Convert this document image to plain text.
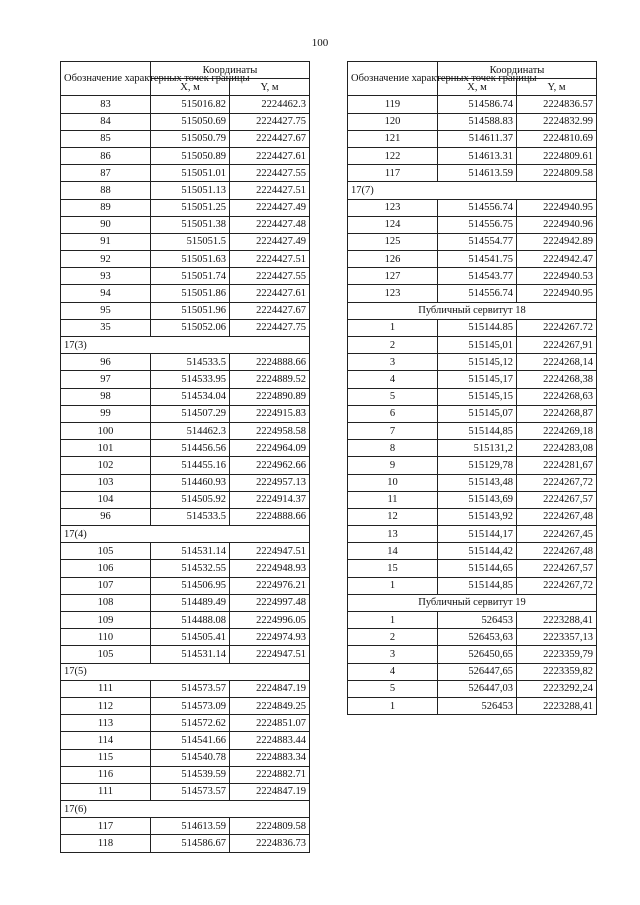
100
Обозначение характерных точек границы	Координаты	
	X, м	Y, м
83	515016.82	2224462.3
84	515050.69	2224427.75
85	515050.79	2224427.67
86	515050.89	2224427.61
87	515051.01	2224427.55
88	515051.13	2224427.51
89	515051.25	2224427.49
90	515051.38	2224427.48
91	515051.5	2224427.49
92	515051.63	2224427.51
93	515051.74	2224427.55
94	515051.86	2224427.61
95	515051.96	2224427.67
35	515052.06	2224427.75
17(3)		
96	514533.5	2224888.66
97	514533.95	2224889.52
98	514534.04	2224890.89
99	514507.29	2224915.83
100	514462.3	2224958.58
101	514456.56	2224964.09
102	514455.16	2224962.66
103	514460.93	2224957.13
104	514505.92	2224914.37
96	514533.5	2224888.66
17(4)		
105	514531.14	2224947.51
106	514532.55	2224948.93
107	514506.95	2224976.21
108	514489.49	2224997.48
109	514488.08	2224996.05
110	514505.41	2224974.93
105	514531.14	2224947.51
17(5)		
111	514573.57	2224847.19
112	514573.09	2224849.25
113	514572.62	2224851.07
114	514541.66	2224883.44
115	514540.78	2224883.34
116	514539.59	2224882.71
111	514573.57	2224847.19
17(6)		
117	514613.59	2224809.58
118	514586.67	2224836.73
Обозначение характерных точек границы	Координаты	
	X, м	Y, м
119	514586.74	2224836.57
120	514588.83	2224832.99
121	514611.37	2224810.69
122	514613.31	2224809.61
117	514613.59	2224809.58
17(7)		
123	514556.74	2224940.95
124	514556.75	2224940.96
125	514554.77	2224942.89
126	514541.75	2224942.47
127	514543.77	2224940.53
123	514556.74	2224940.95
Публичный сервитут 18		
1	515144.85	2224267.72
2	515145,01	2224267,91
3	515145,12	2224268,14
4	515145,17	2224268,38
5	515145,15	2224268,63
6	515145,07	2224268,87
7	515144,85	2224269,18
8	515131,2	2224283,08
9	515129,78	2224281,67
10	515143,48	2224267,72
11	515143,69	2224267,57
12	515143,92	2224267,48
13	515144,17	2224267,45
14	515144,42	2224267,48
15	515144,65	2224267,57
1	515144,85	2224267,72
Публичный сервитут 19		
1	526453	2223288,41
2	526453,63	2223357,13
3	526450,65	2223359,79
4	526447,65	2223359,82
5	526447,03	2223292,24
1	526453	2223288,41
